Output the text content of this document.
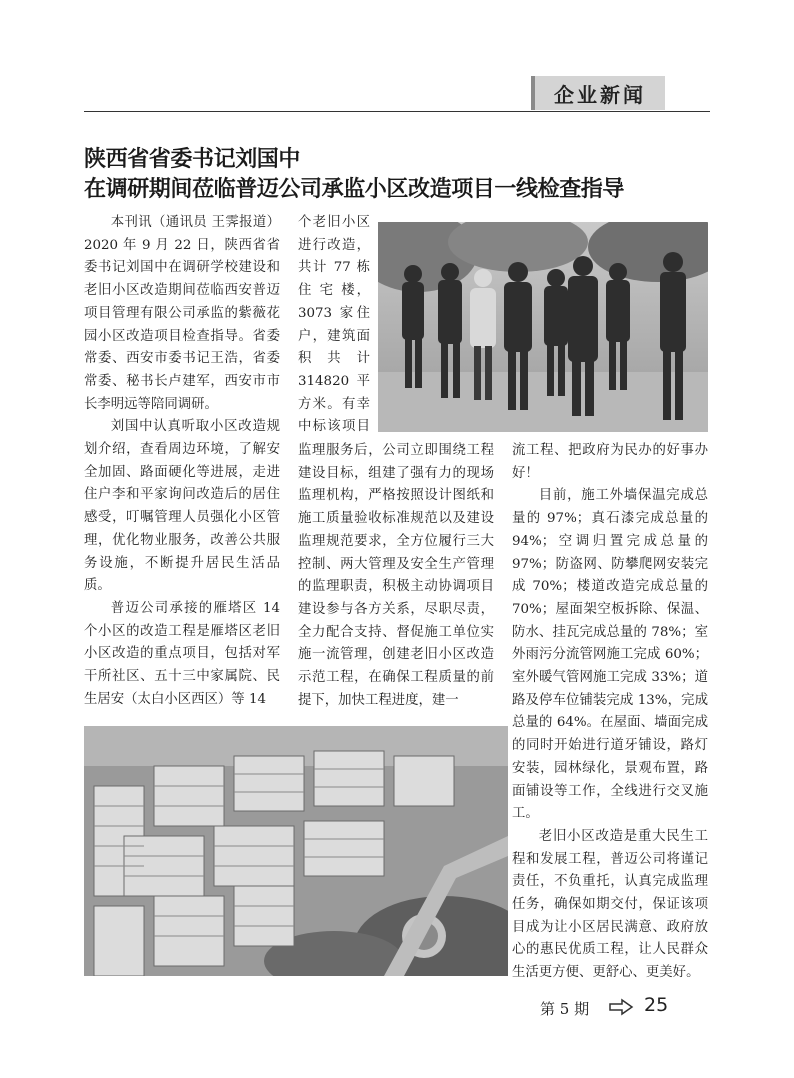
企业新闻
陕西省省委书记刘国中
在调研期间莅临普迈公司承监小区改造项目一线检查指导

本刊讯（通讯员 王霁报道）2020 年 9 月 22 日，陕西省省委书记刘国中在调研学校建设和老旧小区改造期间莅临西安普迈项目管理有限公司承监的紫薇花园小区改造项目检查指导。省委常委、西安市委书记王浩，省委常委、秘书长卢建军，西安市市长李明远等陪同调研。

刘国中认真听取小区改造规划介绍，查看周边环境，了解安全加固、路面硬化等进展，走进住户李和平家询问改造后的居住感受，叮嘱管理人员强化小区管理，优化物业服务，改善公共服务设施，不断提升居民生活品质。

普迈公司承接的雁塔区 14 个小区的改造工程是雁塔区老旧小区改造的重点项目，包括对军干所社区、五十三中家属院、民生居安（太白小区西区）等 14

个老旧小区

进行改造，

共计 77 栋

住 宅 楼，

3073 家住

户，建筑面

积 共 计

314820 平

方米。有幸

中标该项目

监理服务后，公司立即围绕工程建设目标，组建了强有力的现场监理机构，严格按照设计图纸和施工质量验收标准规范以及建设监理规范要求，全方位履行三大控制、两大管理及安全生产管理的监理职责，积极主动协调项目建设参与各方关系，尽职尽责，全力配合支持、督促施工单位实施一流管理，创建老旧小区改造示范工程，在确保工程质量的前提下，加快工程进度，建一

流工程、把政府为民办的好事办好！

目前，施工外墙保温完成总量的 97%；真石漆完成总量的 94%；空调归置完成总量的 97%；防盗网、防攀爬网安装完成 70%；楼道改造完成总量的 70%；屋面架空板拆除、保温、防水、挂瓦完成总量的 78%；室外雨污分流管网施工完成 60%；室外暖气管网施工完成 33%；道路及停车位铺装完成 13%，完成总量的 64%。在屋面、墙面完成的同时开始进行道牙铺设，路灯安装，园林绿化，景观布置，路面铺设等工作，全线进行交叉施工。

老旧小区改造是重大民生工程和发展工程，普迈公司将谨记责任，不负重托，认真完成监理任务，确保如期交付，保证该项目成为让小区居民满意、政府放心的惠民优质工程，让人民群众生活更方便、更舒心、更美好。

第 5 期	25
